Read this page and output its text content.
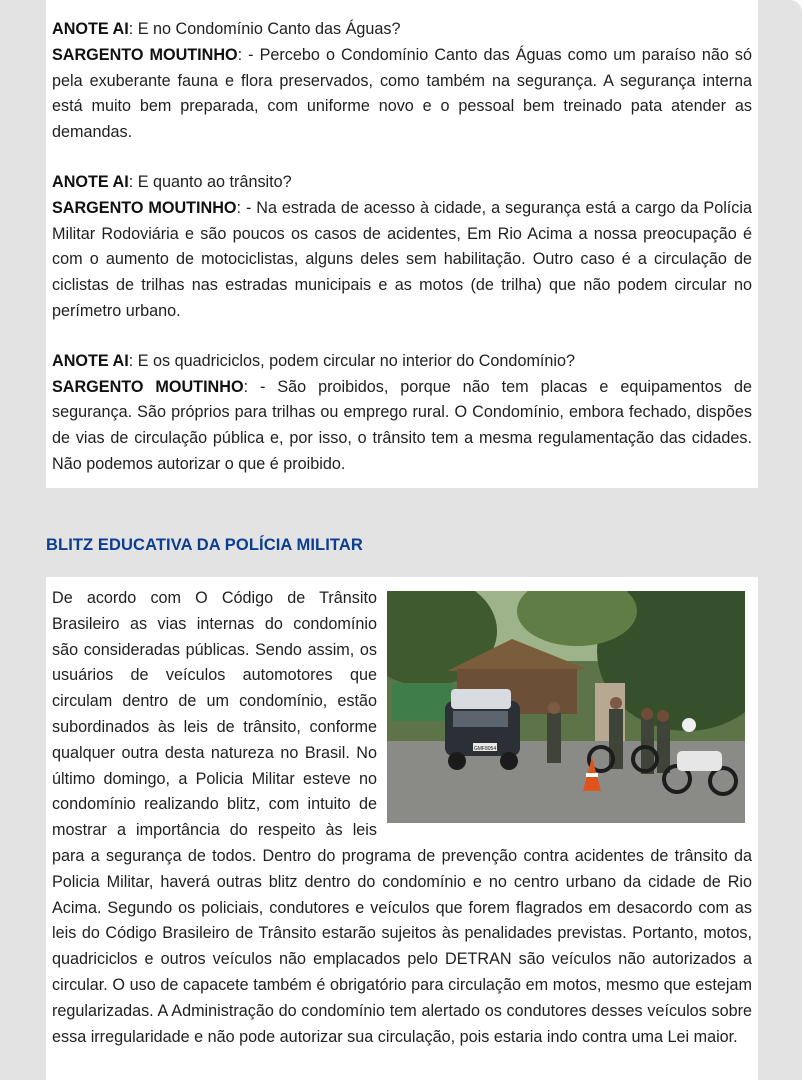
ANOTE AI: E no Condomínio Canto das Águas?
SARGENTO MOUTINHO: - Percebo o Condomínio Canto das Águas como um paraíso não só pela exuberante fauna e flora preservados, como também na segurança. A segurança interna está muito bem preparada, com uniforme novo e o pessoal bem treinado pata atender as demandas.

ANOTE AI: E quanto ao trânsito?
SARGENTO MOUTINHO: - Na estrada de acesso à cidade, a segurança está a cargo da Polícia Militar Rodoviária e são poucos os casos de acidentes, Em Rio Acima a nossa preocupação é com o aumento de motociclistas, alguns deles sem habilitação. Outro caso é a circulação de ciclistas de trilhas nas estradas municipais e as motos (de trilha) que não podem circular no perímetro urbano.

ANOTE AI: E os quadriciclos, podem circular no interior do Condomínio?
SARGENTO MOUTINHO: - São proibidos, porque não tem placas e equipamentos de segurança. São próprios para trilhas ou emprego rural. O Condomínio, embora fechado, dispões de vias de circulação pública e, por isso, o trânsito tem a mesma regulamentação das cidades. Não podemos autorizar o que é proibido.

BLITZ EDUCATIVA DA POLÍCIA MILITAR
GMF8054

De acordo com O Código de Trânsito Brasileiro as vias internas do condomínio são consideradas públicas. Sendo assim, os usuários de veículos automotores que circulam dentro de um condomínio, estão subordinados às leis de trânsito, conforme qualquer outra desta natureza no Brasil. No último domingo, a Policia Militar esteve no condomínio realizando blitz, com intuito de mostrar a importância do respeito às leis para a segurança de todos. Dentro do programa de prevenção contra acidentes de trânsito da Policia Militar, haverá outras blitz dentro do condomínio e no centro urbano da cidade de Rio Acima. Segundo os policiais, condutores e veículos que forem flagrados em desacordo com as leis do Código Brasileiro de Trânsito estarão sujeitos às penalidades previstas. Portanto, motos, quadriciclos e outros veículos não emplacados pelo DETRAN são veículos não autorizados a circular. O uso de capacete também é obrigatório para circulação em motos, mesmo que estejam regularizadas. A Administração do condomínio tem alertado os condutores desses veículos sobre essa irregularidade e não pode autorizar sua circulação, pois estaria indo contra uma Lei maior.
